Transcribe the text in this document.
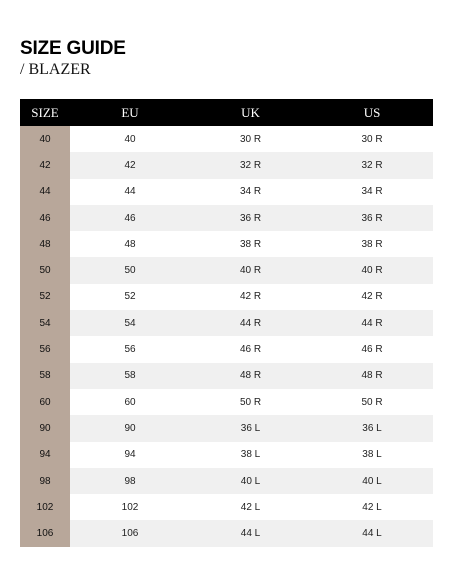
SIZE GUIDE
/ BLAZER
SIZE	EU	UK	US
40	40	30 R	30 R
42	42	32 R	32 R
44	44	34 R	34 R
46	46	36 R	36 R
48	48	38 R	38 R
50	50	40 R	40 R
52	52	42 R	42 R
54	54	44 R	44 R
56	56	46 R	46 R
58	58	48 R	48 R
60	60	50 R	50 R
90	90	36 L	36 L
94	94	38 L	38 L
98	98	40 L	40 L
102	102	42 L	42 L
106	106	44 L	44 L
